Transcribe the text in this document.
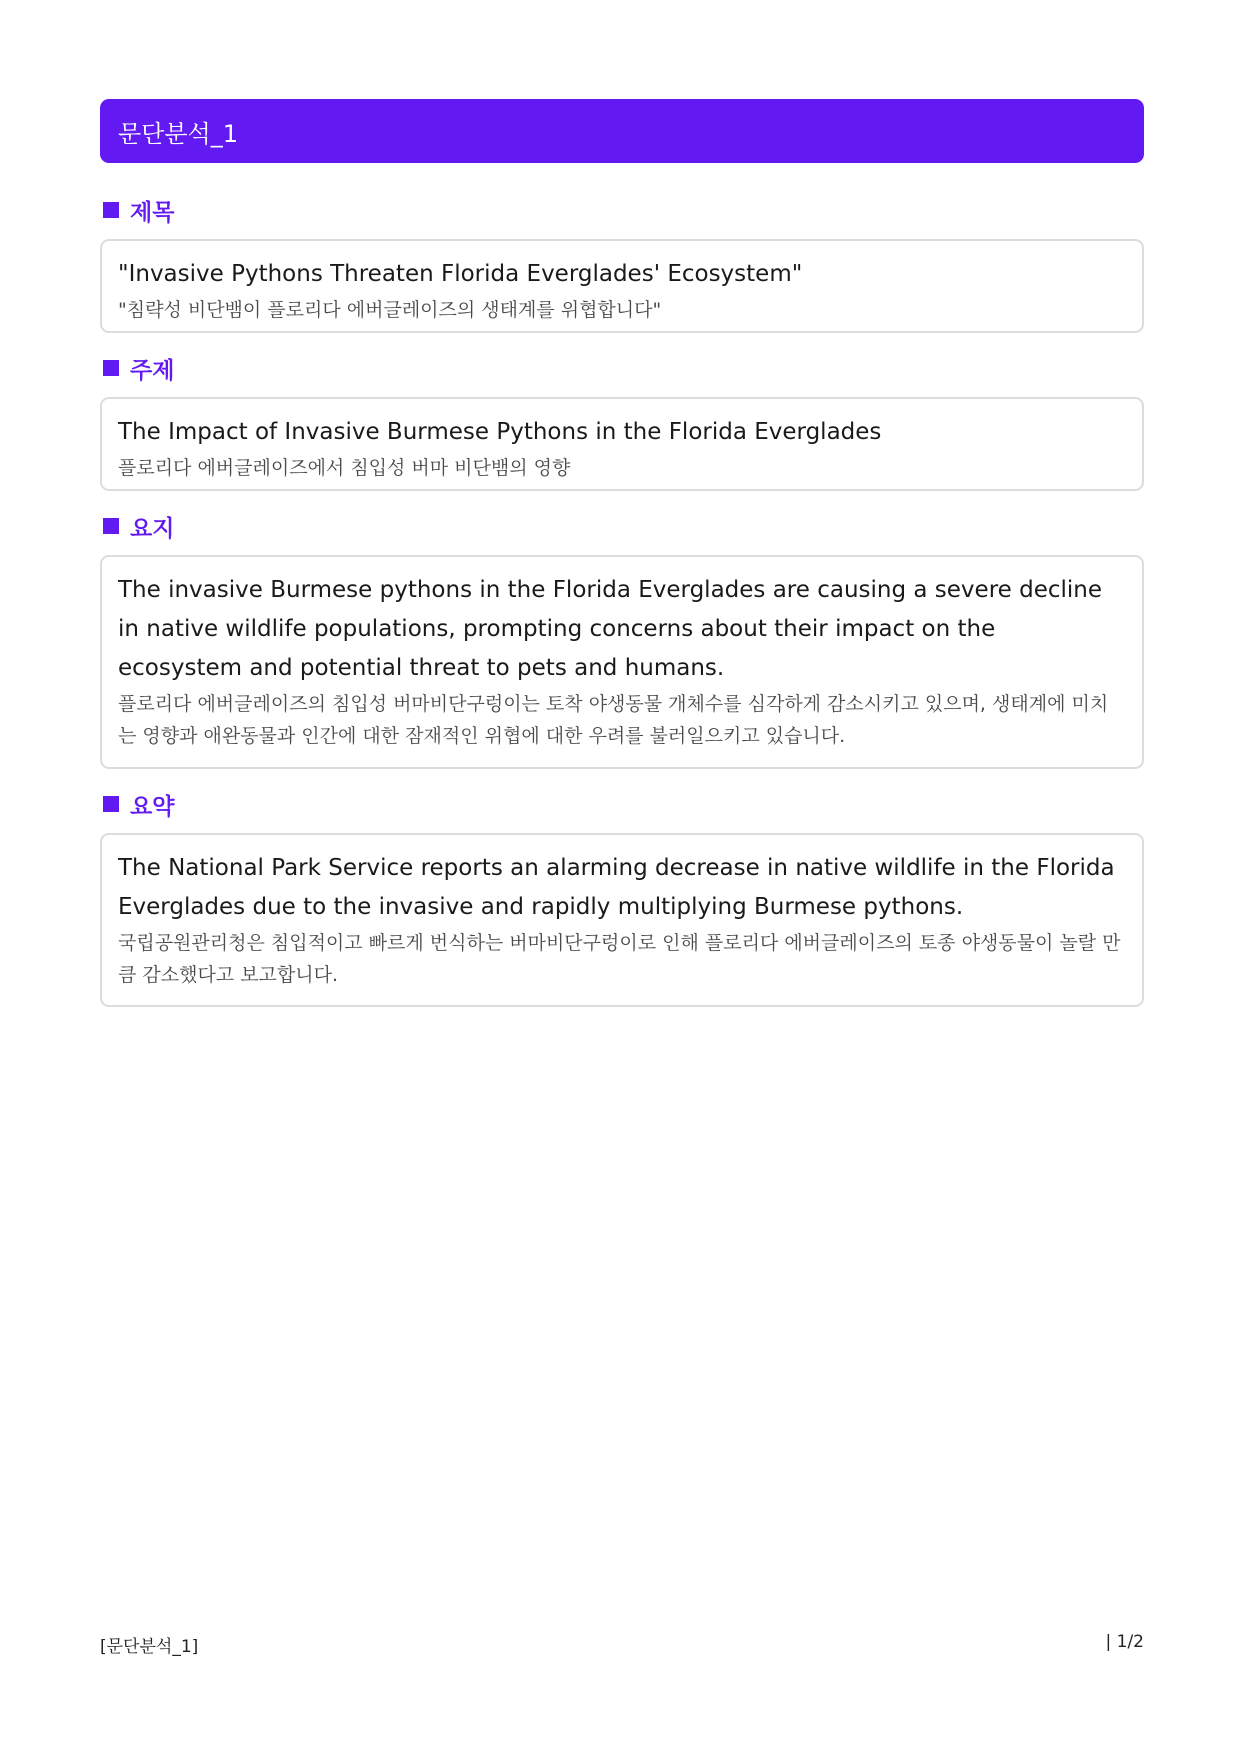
문단분석_1
제목
"Invasive Pythons Threaten Florida Everglades' Ecosystem"
"침략성 비단뱀이 플로리다 에버글레이즈의 생태계를 위협합니다"
주제
The Impact of Invasive Burmese Pythons in the Florida Everglades
플로리다 에버글레이즈에서 침입성 버마 비단뱀의 영향
요지
The invasive Burmese pythons in the Florida Everglades are causing a severe decline in native wildlife populations, prompting concerns about their impact on the ecosystem and potential threat to pets and humans.
플로리다 에버글레이즈의 침입성 버마비단구렁이는 토착 야생동물 개체수를 심각하게 감소시키고 있으며, 생태계에 미치는 영향과 애완동물과 인간에 대한 잠재적인 위협에 대한 우려를 불러일으키고 있습니다.
요약
The National Park Service reports an alarming decrease in native wildlife in the Florida Everglades due to the invasive and rapidly multiplying Burmese pythons.
국립공원관리청은 침입적이고 빠르게 번식하는 버마비단구렁이로 인해 플로리다 에버글레이즈의 토종 야생동물이 놀랄 만큼 감소했다고 보고합니다.
[문단분석_1]	| 1/2
